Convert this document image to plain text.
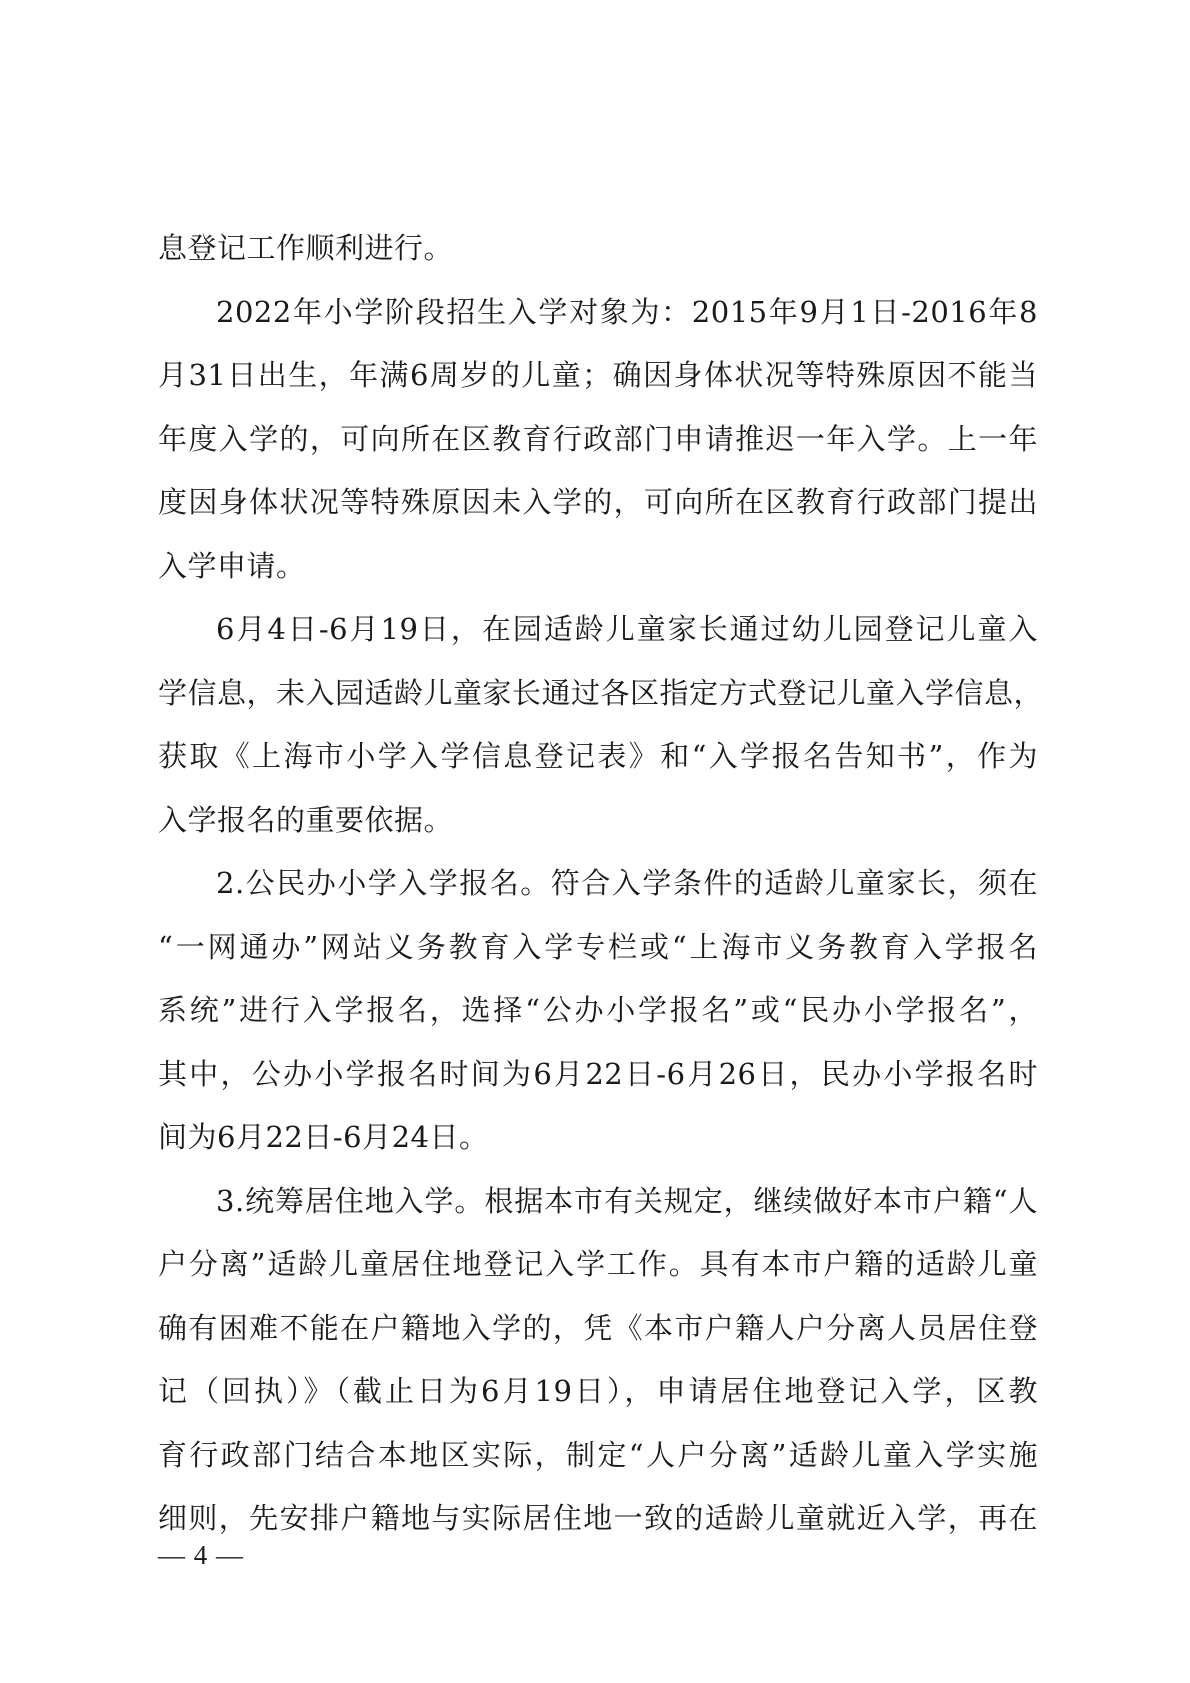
息登记工作顺利进行。
2022年小学阶段招生入学对象为：2015年9月1日-2016年8
月31日出生，年满6周岁的儿童；确因身体状况等特殊原因不能当
年度入学的，可向所在区教育行政部门申请推迟一年入学。上一年
度因身体状况等特殊原因未入学的，可向所在区教育行政部门提出
入学申请。
6月4日-6月19日，在园适龄儿童家长通过幼儿园登记儿童入
学信息，未入园适龄儿童家长通过各区指定方式登记儿童入学信息，
获取《上海市小学入学信息登记表》和“入学报名告知书”，作为
入学报名的重要依据。
2.公民办小学入学报名。符合入学条件的适龄儿童家长，须在
“一网通办”网站义务教育入学专栏或“上海市义务教育入学报名
系统”进行入学报名，选择“公办小学报名”或“民办小学报名”，
其中，公办小学报名时间为6月22日-6月26日，民办小学报名时
间为6月22日-6月24日。
3.统筹居住地入学。根据本市有关规定，继续做好本市户籍“人
户分离”适龄儿童居住地登记入学工作。具有本市户籍的适龄儿童
确有困难不能在户籍地入学的，凭《本市户籍人户分离人员居住登
记（回执）》（截止日为6月19日），申请居住地登记入学，区教
育行政部门结合本地区实际，制定“人户分离”适龄儿童入学实施
细则，先安排户籍地与实际居住地一致的适龄儿童就近入学，再在
— 4 —
